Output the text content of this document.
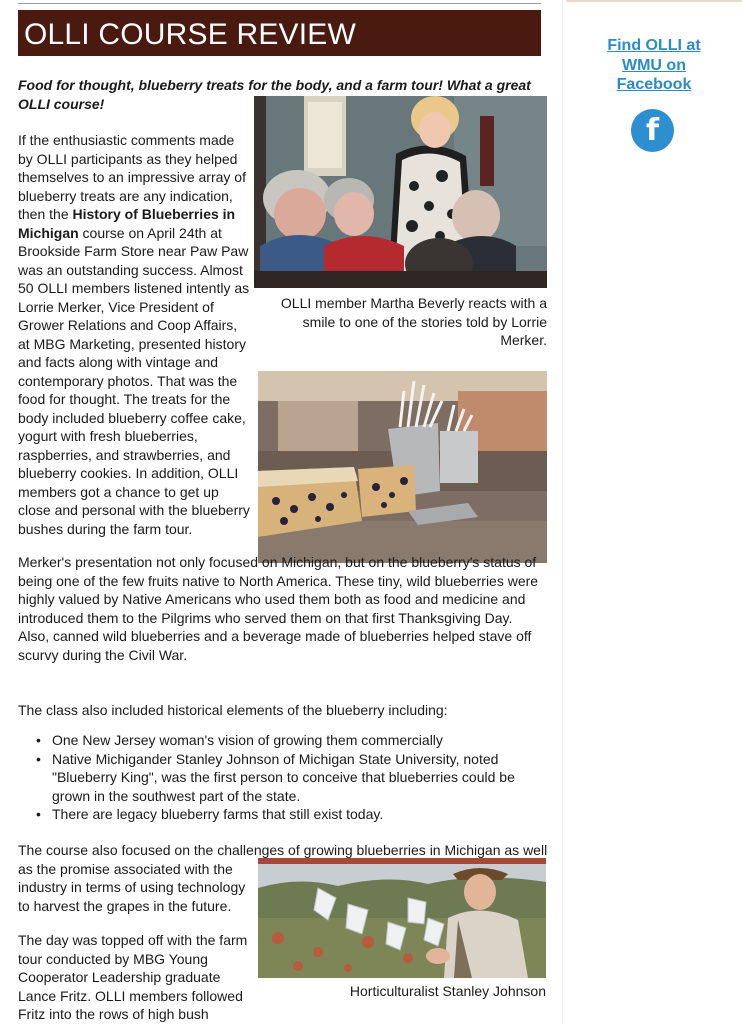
OLLI COURSE REVIEW

Food for thought, blueberry treats for the body, and a farm tour! What a great OLLI course!

If the enthusiastic comments made by OLLI participants as they helped themselves to an impressive array of blueberry treats are any indication, then the History of Blueberries in Michigan course on April 24th at Brookside Farm Store near Paw Paw was an outstanding success. Almost 50 OLLI members listened intently as Lorrie Merker, Vice President of Grower Relations and Coop Affairs, at MBG Marketing, presented history and facts along with vintage and contemporary photos. That was the food for thought. The treats for the body included blueberry coffee cake, yogurt with fresh blueberries, raspberries, and strawberries, and blueberry cookies. In addition, OLLI members got a chance to get up close and personal with the blueberry bushes during the farm tour.

OLLI member Martha Beverly reacts with a smile to one of the stories told by Lorrie Merker.

Merker's presentation not only focused on Michigan, but on the blueberry's status of being one of the few fruits native to North America. These tiny, wild blueberries were highly valued by Native Americans who used them both as food and medicine and introduced them to the Pilgrims who served them on that first Thanksgiving Day. Also, canned wild blueberries and a beverage made of blueberries helped stave off scurvy during the Civil War.

The class also included historical elements of the blueberry including:

• One New Jersey woman's vision of growing them commercially
• Native Michigander Stanley Johnson of Michigan State University, noted "Blueberry King", was the first person to conceive that blueberries could be grown in the southwest part of the state.
• There are legacy blueberry farms that still exist today.

The course also focused on the challenges of growing blueberries in Michigan as well

as the promise associated with the industry in terms of using technology to harvest the grapes in the future.

The day was topped off with the farm tour conducted by MBG Young Cooperator Leadership graduate Lance Fritz. OLLI members followed Fritz into the rows of high bush

Horticulturalist Stanley Johnson

Find OLLI at WMU on Facebook
f
